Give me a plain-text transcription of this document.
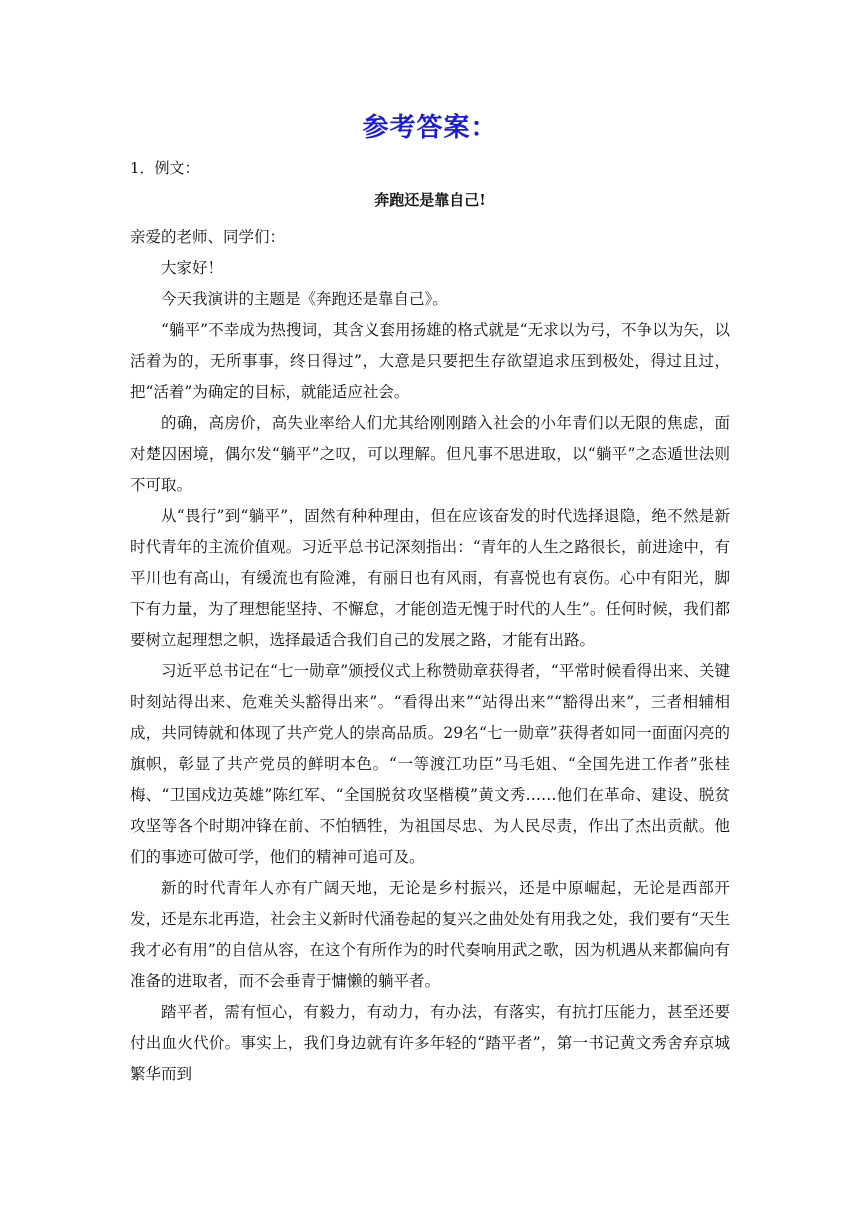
参考答案：
1．例文：
奔跑还是靠自己!

亲爱的老师、同学们：

大家好！

今天我演讲的主题是《奔跑还是靠自己》。

“躺平”不幸成为热搜词，其含义套用扬雄的格式就是“无求以为弓，不争以为矢，以活着为的，无所事事，终日得过”，大意是只要把生存欲望追求压到极处，得过且过，把“活着”为确定的目标，就能适应社会。

的确，高房价，高失业率给人们尤其给刚刚踏入社会的小年青们以无限的焦虑，面对楚囚困境，偶尔发“躺平”之叹，可以理解。但凡事不思进取，以“躺平”之态遁世法则不可取。

从“畏行”到“躺平”，固然有种种理由，但在应该奋发的时代选择退隐，绝不然是新时代青年的主流价值观。习近平总书记深刻指出：“青年的人生之路很长，前进途中，有平川也有高山，有缓流也有险滩，有丽日也有风雨，有喜悦也有哀伤。心中有阳光，脚下有力量，为了理想能坚持、不懈怠，才能创造无愧于时代的人生”。任何时候，我们都要树立起理想之帜，选择最适合我们自己的发展之路，才能有出路。

习近平总书记在“七一勋章”颁授仪式上称赞勋章获得者，“平常时候看得出来、关键时刻站得出来、危难关头豁得出来”。“看得出来”“站得出来”“豁得出来”，三者相辅相成，共同铸就和体现了共产党人的崇高品质。29名“七一勋章”获得者如同一面面闪亮的旗帜，彰显了共产党员的鲜明本色。“一等渡江功臣”马毛姐、“全国先进工作者”张桂梅、“卫国戍边英雄”陈红军、“全国脱贫攻坚楷模”黄文秀……他们在革命、建设、脱贫攻坚等各个时期冲锋在前、不怕牺牲，为祖国尽忠、为人民尽责，作出了杰出贡献。他们的事迹可做可学，他们的精神可追可及。

新的时代青年人亦有广阔天地，无论是乡村振兴，还是中原崛起，无论是西部开发，还是东北再造，社会主义新时代涌卷起的复兴之曲处处有用我之处，我们要有“天生我才必有用”的自信从容，在这个有所作为的时代奏响用武之歌，因为机遇从来都偏向有准备的进取者，而不会垂青于慵懒的躺平者。

踏平者，需有恒心，有毅力，有动力，有办法，有落实，有抗打压能力，甚至还要付出血火代价。事实上，我们身边就有许多年轻的“踏平者”，第一书记黄文秀舍弃京城繁华而到
